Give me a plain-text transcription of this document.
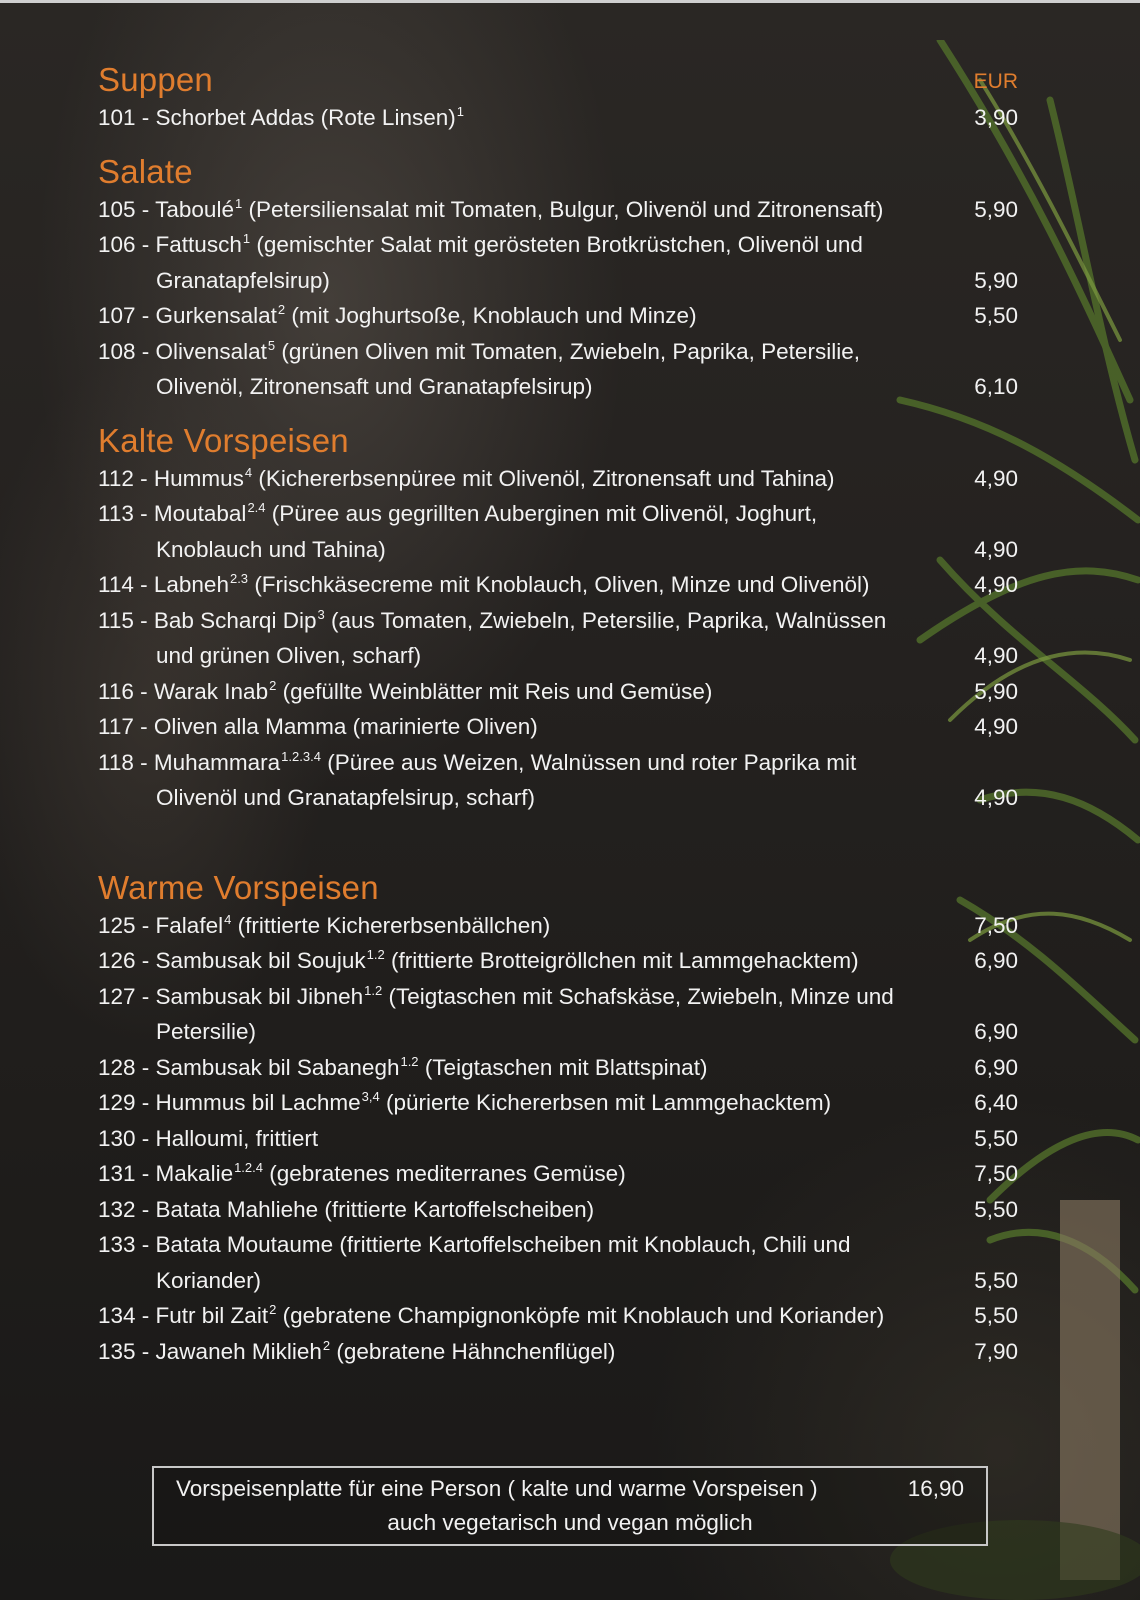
Suppen	EUR
101 - Schorbet Addas (Rote Linsen)$^1$	3,90
Salate
105 - Taboulé$^1$ (Petersiliensalat mit Tomaten, Bulgur, Olivenöl und Zitronensaft)	5,90
106 - Fattusch$^1$ (gemischter Salat mit gerösteten Brotkrüstchen, Olivenöl und
Granatapfelsirup)	5,90
107 - Gurkensalat$^2$ (mit Joghurtsoße, Knoblauch und Minze)	5,50
108 - Olivensalat$^5$ (grünen Oliven mit Tomaten, Zwiebeln, Paprika, Petersilie,
Olivenöl, Zitronensaft und Granatapfelsirup)	6,10
Kalte Vorspeisen
112 - Hummus$^4$ (Kichererbsenpüree mit Olivenöl, Zitronensaft und Tahina)	4,90
113 - Moutabal$^{2.4}$ (Püree aus gegrillten Auberginen mit Olivenöl, Joghurt,
Knoblauch und Tahina)	4,90
114 - Labneh$^{2.3}$ (Frischkäsecreme mit Knoblauch, Oliven, Minze und Olivenöl)	4,90
115 - Bab Scharqi Dip$^3$ (aus Tomaten, Zwiebeln, Petersilie, Paprika, Walnüssen
und grünen Oliven, scharf)	4,90
116 - Warak Inab$^2$ (gefüllte Weinblätter mit Reis und Gemüse)	5,90
117 - Oliven alla Mamma (marinierte Oliven)	4,90
118 - Muhammara$^{1.2.3.4}$ (Püree aus Weizen, Walnüssen und roter Paprika mit
Olivenöl und Granatapfelsirup, scharf)	4,90
Warme Vorspeisen
125 - Falafel$^4$ (frittierte Kichererbsenbällchen)	7,50
126 - Sambusak bil Soujuk$^{1.2}$ (frittierte Brotteigröllchen mit Lammgehacktem)	6,90
127 - Sambusak bil Jibneh$^{1.2}$ (Teigtaschen mit Schafskäse, Zwiebeln, Minze und
Petersilie)	6,90
128 - Sambusak bil Sabanegh$^{1.2}$ (Teigtaschen mit Blattspinat)	6,90
129 - Hummus bil Lachme$^{3,4}$ (pürierte Kichererbsen mit Lammgehacktem)	6,40
130 - Halloumi, frittiert	5,50
131 - Makalie$^{1.2.4}$ (gebratenes mediterranes Gemüse)	7,50
132 - Batata Mahliehe (frittierte Kartoffelscheiben)	5,50
133 - Batata Moutaume (frittierte Kartoffelscheiben mit Knoblauch, Chili und
Koriander)	5,50
134 - Futr bil Zait$^2$ (gebratene Champignonköpfe mit Knoblauch und Koriander)	5,50
135 - Jawaneh Miklieh$^2$ (gebratene Hähnchenflügel)	7,90
Vorspeisenplatte für eine Person ( kalte und warme Vorspeisen )	16,90
auch vegetarisch und vegan möglich
